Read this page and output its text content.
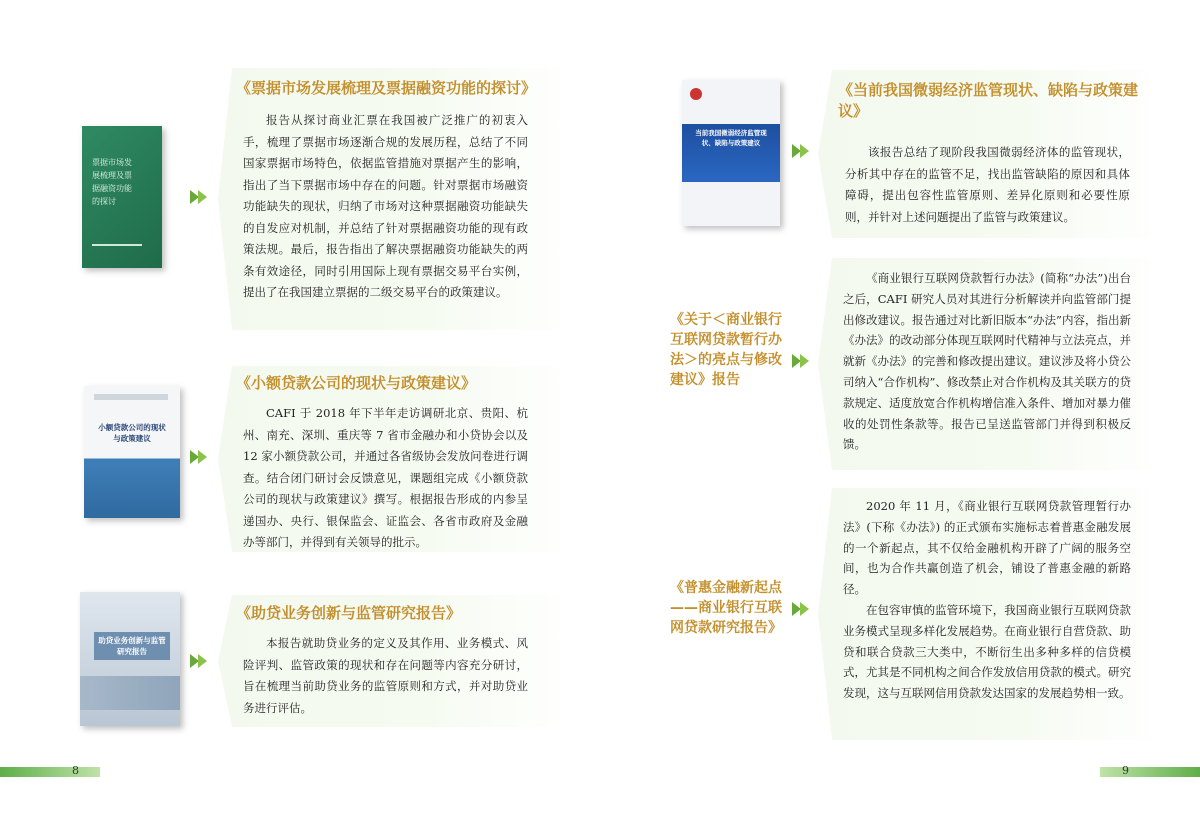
票据市场发展梳理及票据融资功能的探讨
《票据市场发展梳理及票据融资功能的探讨》

报告从探讨商业汇票在我国被广泛推广的初衷入手，梳理了票据市场逐渐合规的发展历程，总结了不同国家票据市场特色，依据监管措施对票据产生的影响，指出了当下票据市场中存在的问题。针对票据市场融资功能缺失的现状，归纳了市场对这种票据融资功能缺失的自发应对机制，并总结了针对票据融资功能的现有政策法规。最后，报告指出了解决票据融资功能缺失的两条有效途径，同时引用国际上现有票据交易平台实例，提出了在我国建立票据的二级交易平台的政策建议。

小额贷款公司的现状与政策建议
《小额贷款公司的现状与政策建议》

CAFI 于 2018 年下半年走访调研北京、贵阳、杭州、南充、深圳、重庆等 7 省市金融办和小贷协会以及 12 家小额贷款公司，并通过各省级协会发放问卷进行调查。结合闭门研讨会反馈意见，课题组完成《小额贷款公司的现状与政策建议》撰写。根据报告形成的内参呈递国办、央行、银保监会、证监会、各省市政府及金融办等部门，并得到有关领导的批示。

助贷业务创新与监管研究报告
《助贷业务创新与监管研究报告》

本报告就助贷业务的定义及其作用、业务模式、风险评判、监管政策的现状和存在问题等内容充分研讨，旨在梳理当前助贷业务的监管原则和方式，并对助贷业务进行评估。

8
当前我国微弱经济监管现状、缺陷与政策建议
《当前我国微弱经济监管现状、缺陷与政策建议》

该报告总结了现阶段我国微弱经济体的监管现状，分析其中存在的监管不足，找出监管缺陷的原因和具体障碍，提出包容性监管原则、差异化原则和必要性原则，并针对上述问题提出了监管与政策建议。

《关于＜商业银行互联网贷款暂行办法＞的亮点与修改建议》报告

《商业银行互联网贷款暂行办法》(简称“办法”)出台之后，CAFI 研究人员对其进行分析解读并向监管部门提出修改建议。报告通过对比新旧版本“办法”内容，指出新《办法》的改动部分体现互联网时代精神与立法亮点，并就新《办法》的完善和修改提出建议。建议涉及将小贷公司纳入“合作机构”、修改禁止对合作机构及其关联方的贷款规定、适度放宽合作机构增信准入条件、增加对暴力催收的处罚性条款等。报告已呈送监管部门并得到积极反馈。

《普惠金融新起点——商业银行互联网贷款研究报告》

2020 年 11 月，《商业银行互联网贷款管理暂行办法》(下称《办法》) 的正式颁布实施标志着普惠金融发展的一个新起点，其不仅给金融机构开辟了广阔的服务空间，也为合作共赢创造了机会，铺设了普惠金融的新路径。

在包容审慎的监管环境下，我国商业银行互联网贷款业务模式呈现多样化发展趋势。在商业银行自营贷款、助贷和联合贷款三大类中，不断衍生出多种多样的信贷模式，尤其是不同机构之间合作发放信用贷款的模式。研究发现，这与互联网信用贷款发达国家的发展趋势相一致。

9
